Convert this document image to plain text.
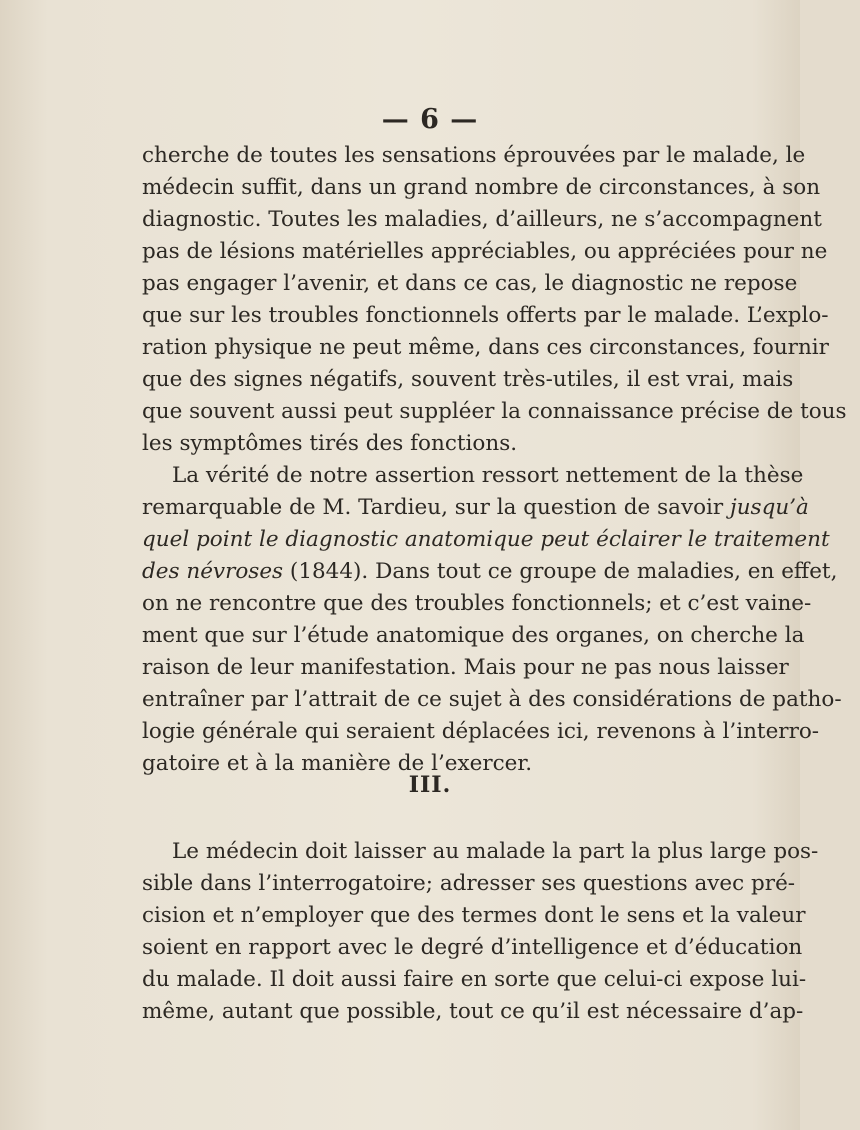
— 6 —
cherche de toutes les sensations éprouvées par le malade, le
médecin suffit, dans un grand nombre de circonstances, à son
diagnostic. Toutes les maladies, d’ailleurs, ne s’accompagnent
pas de lésions matérielles appréciables, ou appréciées pour ne
pas engager l’avenir, et dans ce cas, le diagnostic ne repose
que sur les troubles fonctionnels offerts par le malade. L’explo-
ration physique ne peut même, dans ces circonstances, fournir
que des signes négatifs, souvent très-utiles, il est vrai, mais
que souvent aussi peut suppléer la connaissance précise de tous
les symptômes tirés des fonctions.
La vérité de notre assertion ressort nettement de la thèse
remarquable de M. Tardieu, sur la question de savoir jusqu’à
quel point le diagnostic anatomique peut éclairer le traitement
des névroses (1844). Dans tout ce groupe de maladies, en effet,
on ne rencontre que des troubles fonctionnels; et c’est vaine-
ment que sur l’étude anatomique des organes, on cherche la
raison de leur manifestation. Mais pour ne pas nous laisser
entraîner par l’attrait de ce sujet à des considérations de patho-
logie générale qui seraient déplacées ici, revenons à l’interro-
gatoire et à la manière de l’exercer.
III.
Le médecin doit laisser au malade la part la plus large pos-
sible dans l’interrogatoire; adresser ses questions avec pré-
cision et n’employer que des termes dont le sens et la valeur
soient en rapport avec le degré d’intelligence et d’éducation
du malade. Il doit aussi faire en sorte que celui-ci expose lui-
même, autant que possible, tout ce qu’il est nécessaire d’ap-
